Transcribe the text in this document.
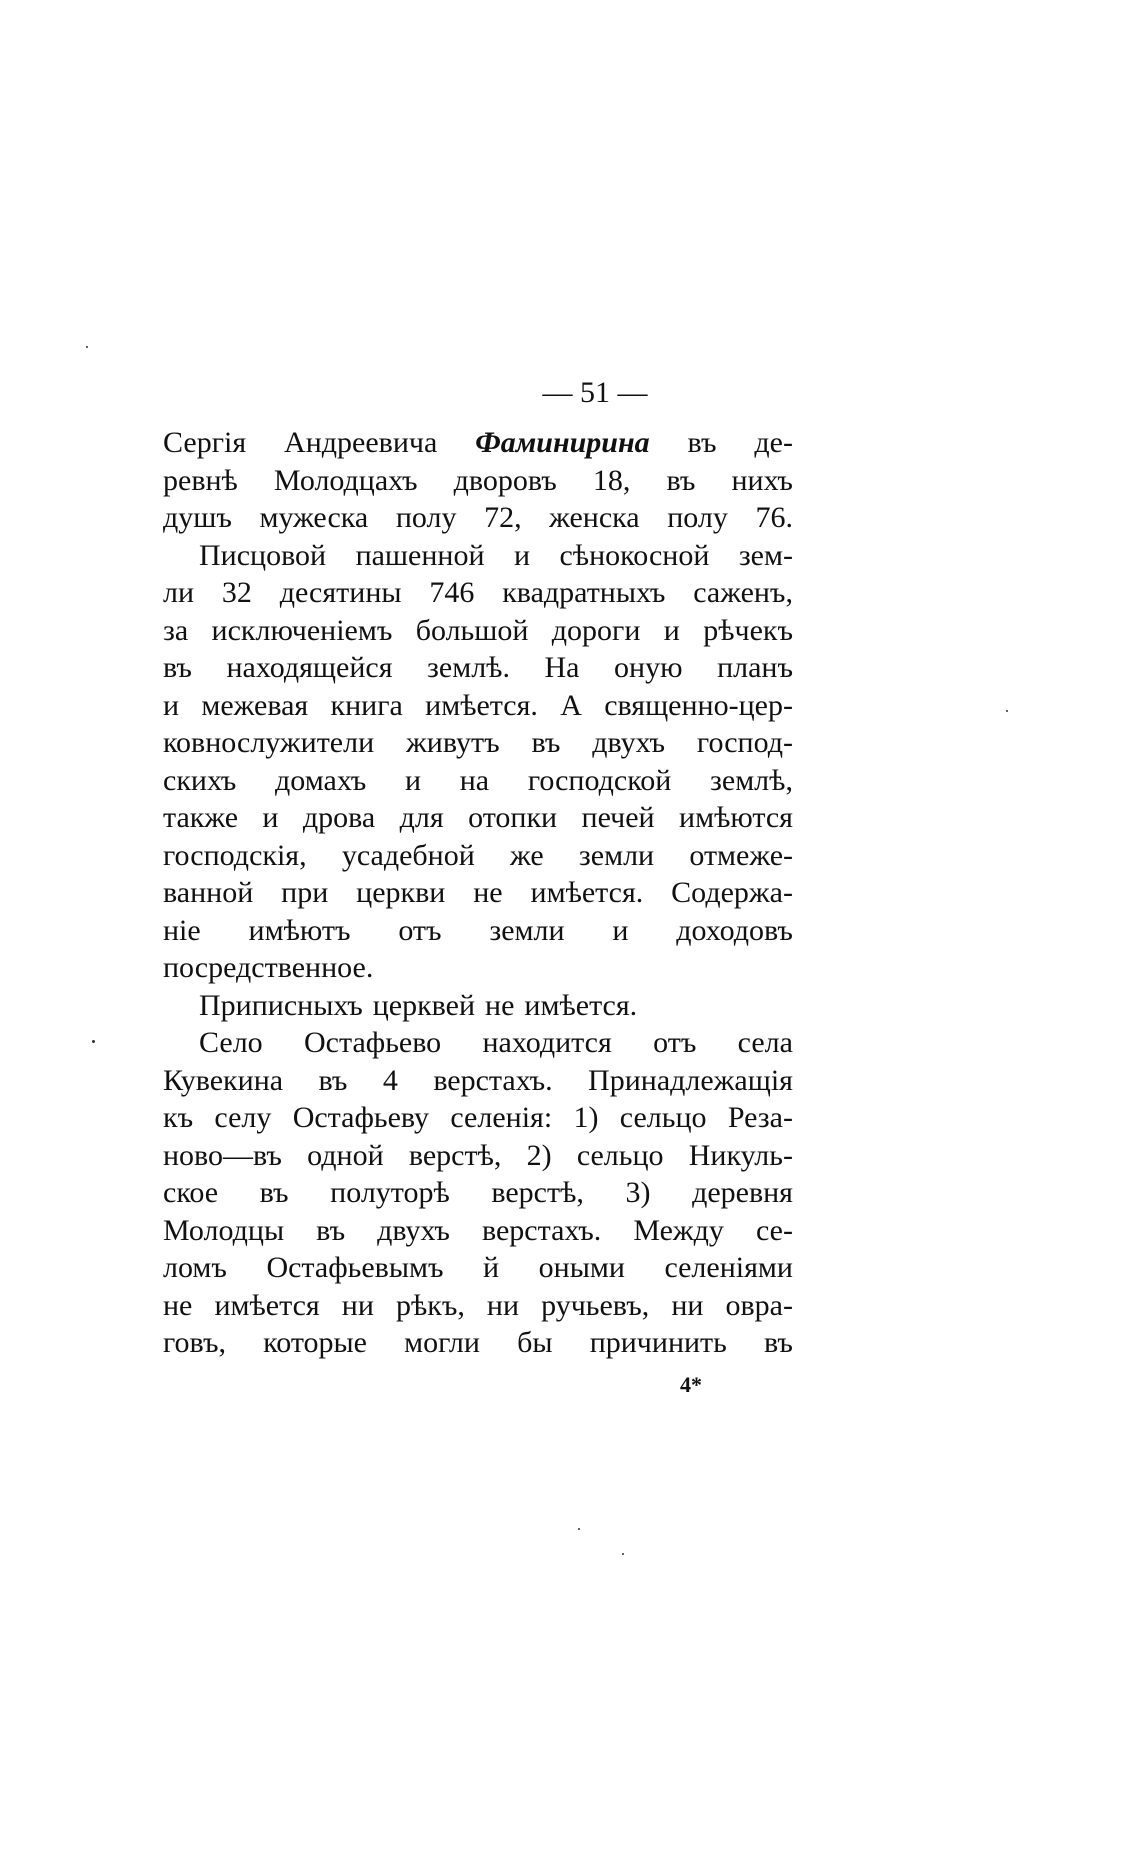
— 51 —
Сергія Андреевича Фаминирина въ де-
ревнѣ Молодцахъ дворовъ 18, въ нихъ
душъ мужеска полу 72, женска полу 76.
Писцовой пашенной и сѣнокосной зем-
ли 32 десятины 746 квадратныхъ саженъ,
за исключеніемъ большой дороги и рѣчекъ
въ находящейся землѣ. На оную планъ
и межевая книга имѣется. А священно-цер-
ковнослужители живутъ въ двухъ господ-
скихъ домахъ и на господской землѣ,
также и дрова для отопки печей имѣются
господскія, усадебной же земли отмеже-
ванной при церкви не имѣется. Содержа-
ніе имѣютъ отъ земли и доходовъ
посредственное.
Приписныхъ церквей не имѣется.
Село Остафьево находится отъ села
Кувекина въ 4 верстахъ. Принадлежащія
къ селу Остафьеву селенія: 1) сельцо Реза-
ново—въ одной верстѣ, 2) сельцо Никуль-
ское въ полуторѣ верстѣ, 3) деревня
Молодцы въ двухъ верстахъ. Между се-
ломъ Остафьевымъ й оными селеніями
не имѣется ни рѣкъ, ни ручьевъ, ни овра-
говъ, которые могли бы причинить въ
4*
